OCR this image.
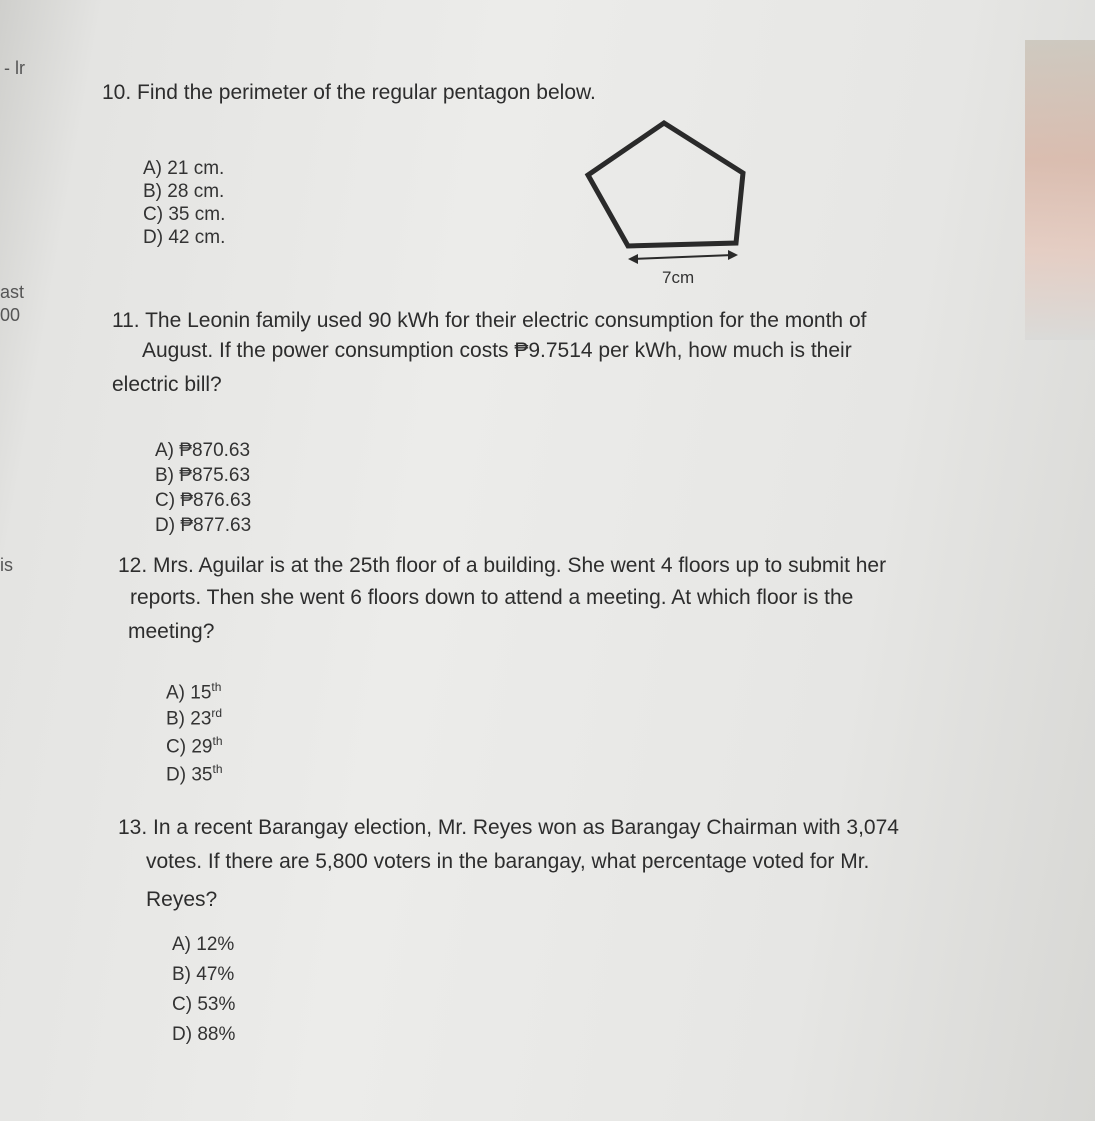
- lr
ast
00
is
10. Find the perimeter of the regular pentagon below.
A) 21 cm.
B) 28 cm.
C) 35 cm.
D) 42 cm.
7cm
11. The Leonin family used 90 kWh for their electric consumption for the month of
August. If the power consumption costs ₱9.7514 per kWh, how much is their
electric bill?
A) ₱870.63
B) ₱875.63
C) ₱876.63
D) ₱877.63
12. Mrs. Aguilar is at the 25th floor of a building. She went 4 floors up to submit her
reports. Then she went 6 floors down to attend a meeting. At which floor is the
meeting?
A) 15th
B) 23rd
C) 29th
D) 35th
13. In a recent Barangay election, Mr. Reyes won as Barangay Chairman with 3,074
votes. If there are 5,800 voters in the barangay, what percentage voted for Mr.
Reyes?
A) 12%
B) 47%
C) 53%
D) 88%
